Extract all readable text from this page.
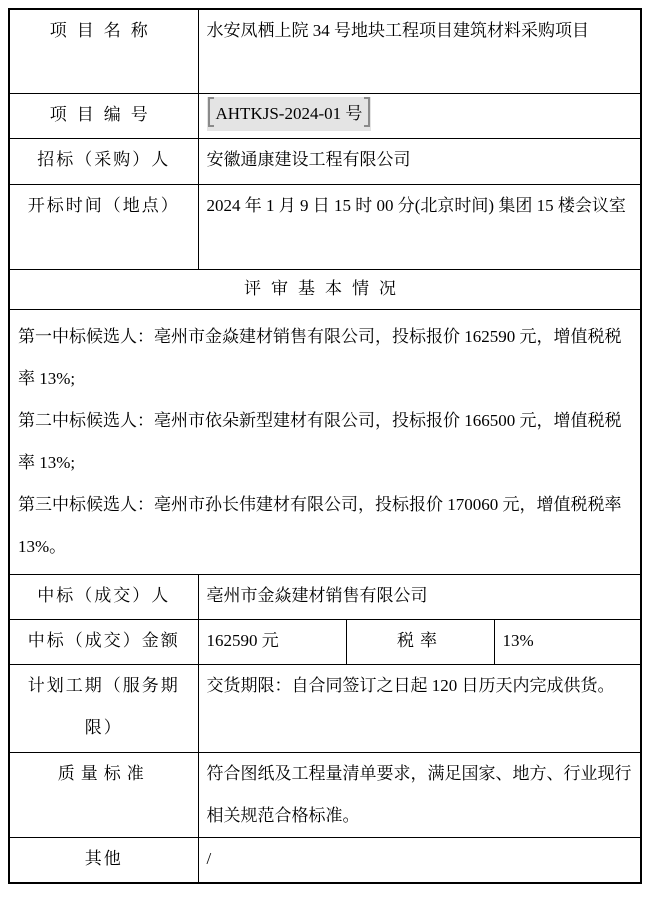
项目名称	水安凤栖上院 34 号地块工程项目建筑材料采购项目		
项目编号	AHTKJS-2024-01 号		
招标（采购）人	安徽通康建设工程有限公司		
开标时间（地点）	2024 年 1 月 9 日 15 时 00 分(北京时间) 集团 15 楼会议室		
评审基本情况			

第一中标候选人：亳州市金焱建材销售有限公司，投标报价 162590 元，增值税税率 13%;

第二中标候选人：亳州市依朵新型建材有限公司，投标报价 166500 元，增值税税率 13%;

第三中标候选人：亳州市孙长伟建材有限公司，投标报价 170060 元，增值税税率 13%。			

中标（成交）人	亳州市金焱建材销售有限公司		
中标（成交）金额	162590 元	税率	13%
计划工期（服务期限）	交货期限：自合同签订之日起 120 日历天内完成供货。		
质量标准	符合图纸及工程量清单要求，满足国家、地方、行业现行相关规范合格标准。		
其他	/		
